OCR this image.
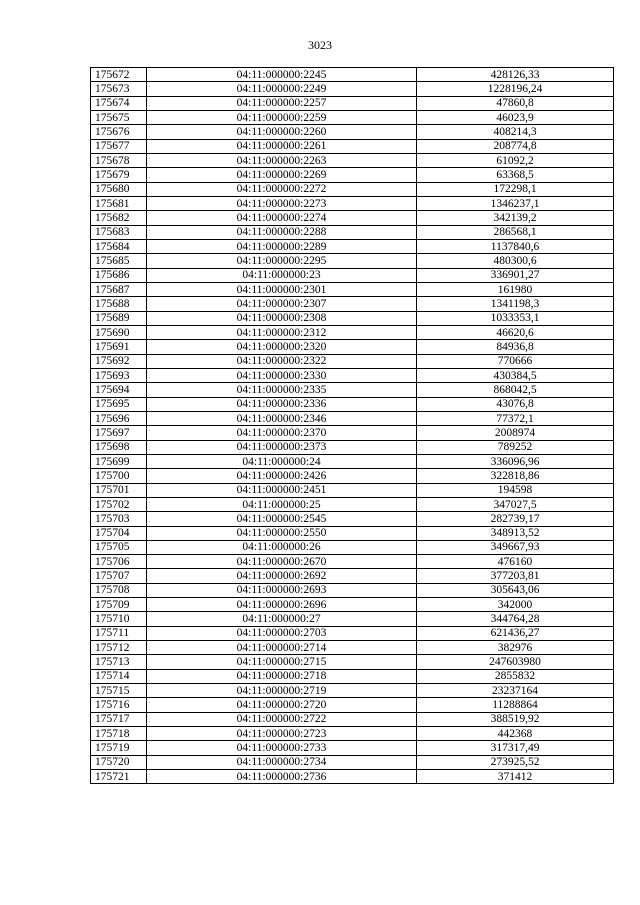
3023
175672	04:11:000000:2245	428126,33
175673	04:11:000000:2249	1228196,24
175674	04:11:000000:2257	47860,8
175675	04:11:000000:2259	46023,9
175676	04:11:000000:2260	408214,3
175677	04:11:000000:2261	208774,8
175678	04:11:000000:2263	61092,2
175679	04:11:000000:2269	63368,5
175680	04:11:000000:2272	172298,1
175681	04:11:000000:2273	1346237,1
175682	04:11:000000:2274	342139,2
175683	04:11:000000:2288	286568,1
175684	04:11:000000:2289	1137840,6
175685	04:11:000000:2295	480300,6
175686	04:11:000000:23	336901,27
175687	04:11:000000:2301	161980
175688	04:11:000000:2307	1341198,3
175689	04:11:000000:2308	1033353,1
175690	04:11:000000:2312	46620,6
175691	04:11:000000:2320	84936,8
175692	04:11:000000:2322	770666
175693	04:11:000000:2330	430384,5
175694	04:11:000000:2335	868042,5
175695	04:11:000000:2336	43076,8
175696	04:11:000000:2346	77372,1
175697	04:11:000000:2370	2008974
175698	04:11:000000:2373	789252
175699	04:11:000000:24	336096,96
175700	04:11:000000:2426	322818,86
175701	04:11:000000:2451	194598
175702	04:11:000000:25	347027,5
175703	04:11:000000:2545	282739,17
175704	04:11:000000:2550	348913,52
175705	04:11:000000:26	349667,93
175706	04:11:000000:2670	476160
175707	04:11:000000:2692	377203,81
175708	04:11:000000:2693	305643,06
175709	04:11:000000:2696	342000
175710	04:11:000000:27	344764,28
175711	04:11:000000:2703	621436,27
175712	04:11:000000:2714	382976
175713	04:11:000000:2715	247603980
175714	04:11:000000:2718	2855832
175715	04:11:000000:2719	23237164
175716	04:11:000000:2720	11288864
175717	04:11:000000:2722	388519,92
175718	04:11:000000:2723	442368
175719	04:11:000000:2733	317317,49
175720	04:11:000000:2734	273925,52
175721	04:11:000000:2736	371412
